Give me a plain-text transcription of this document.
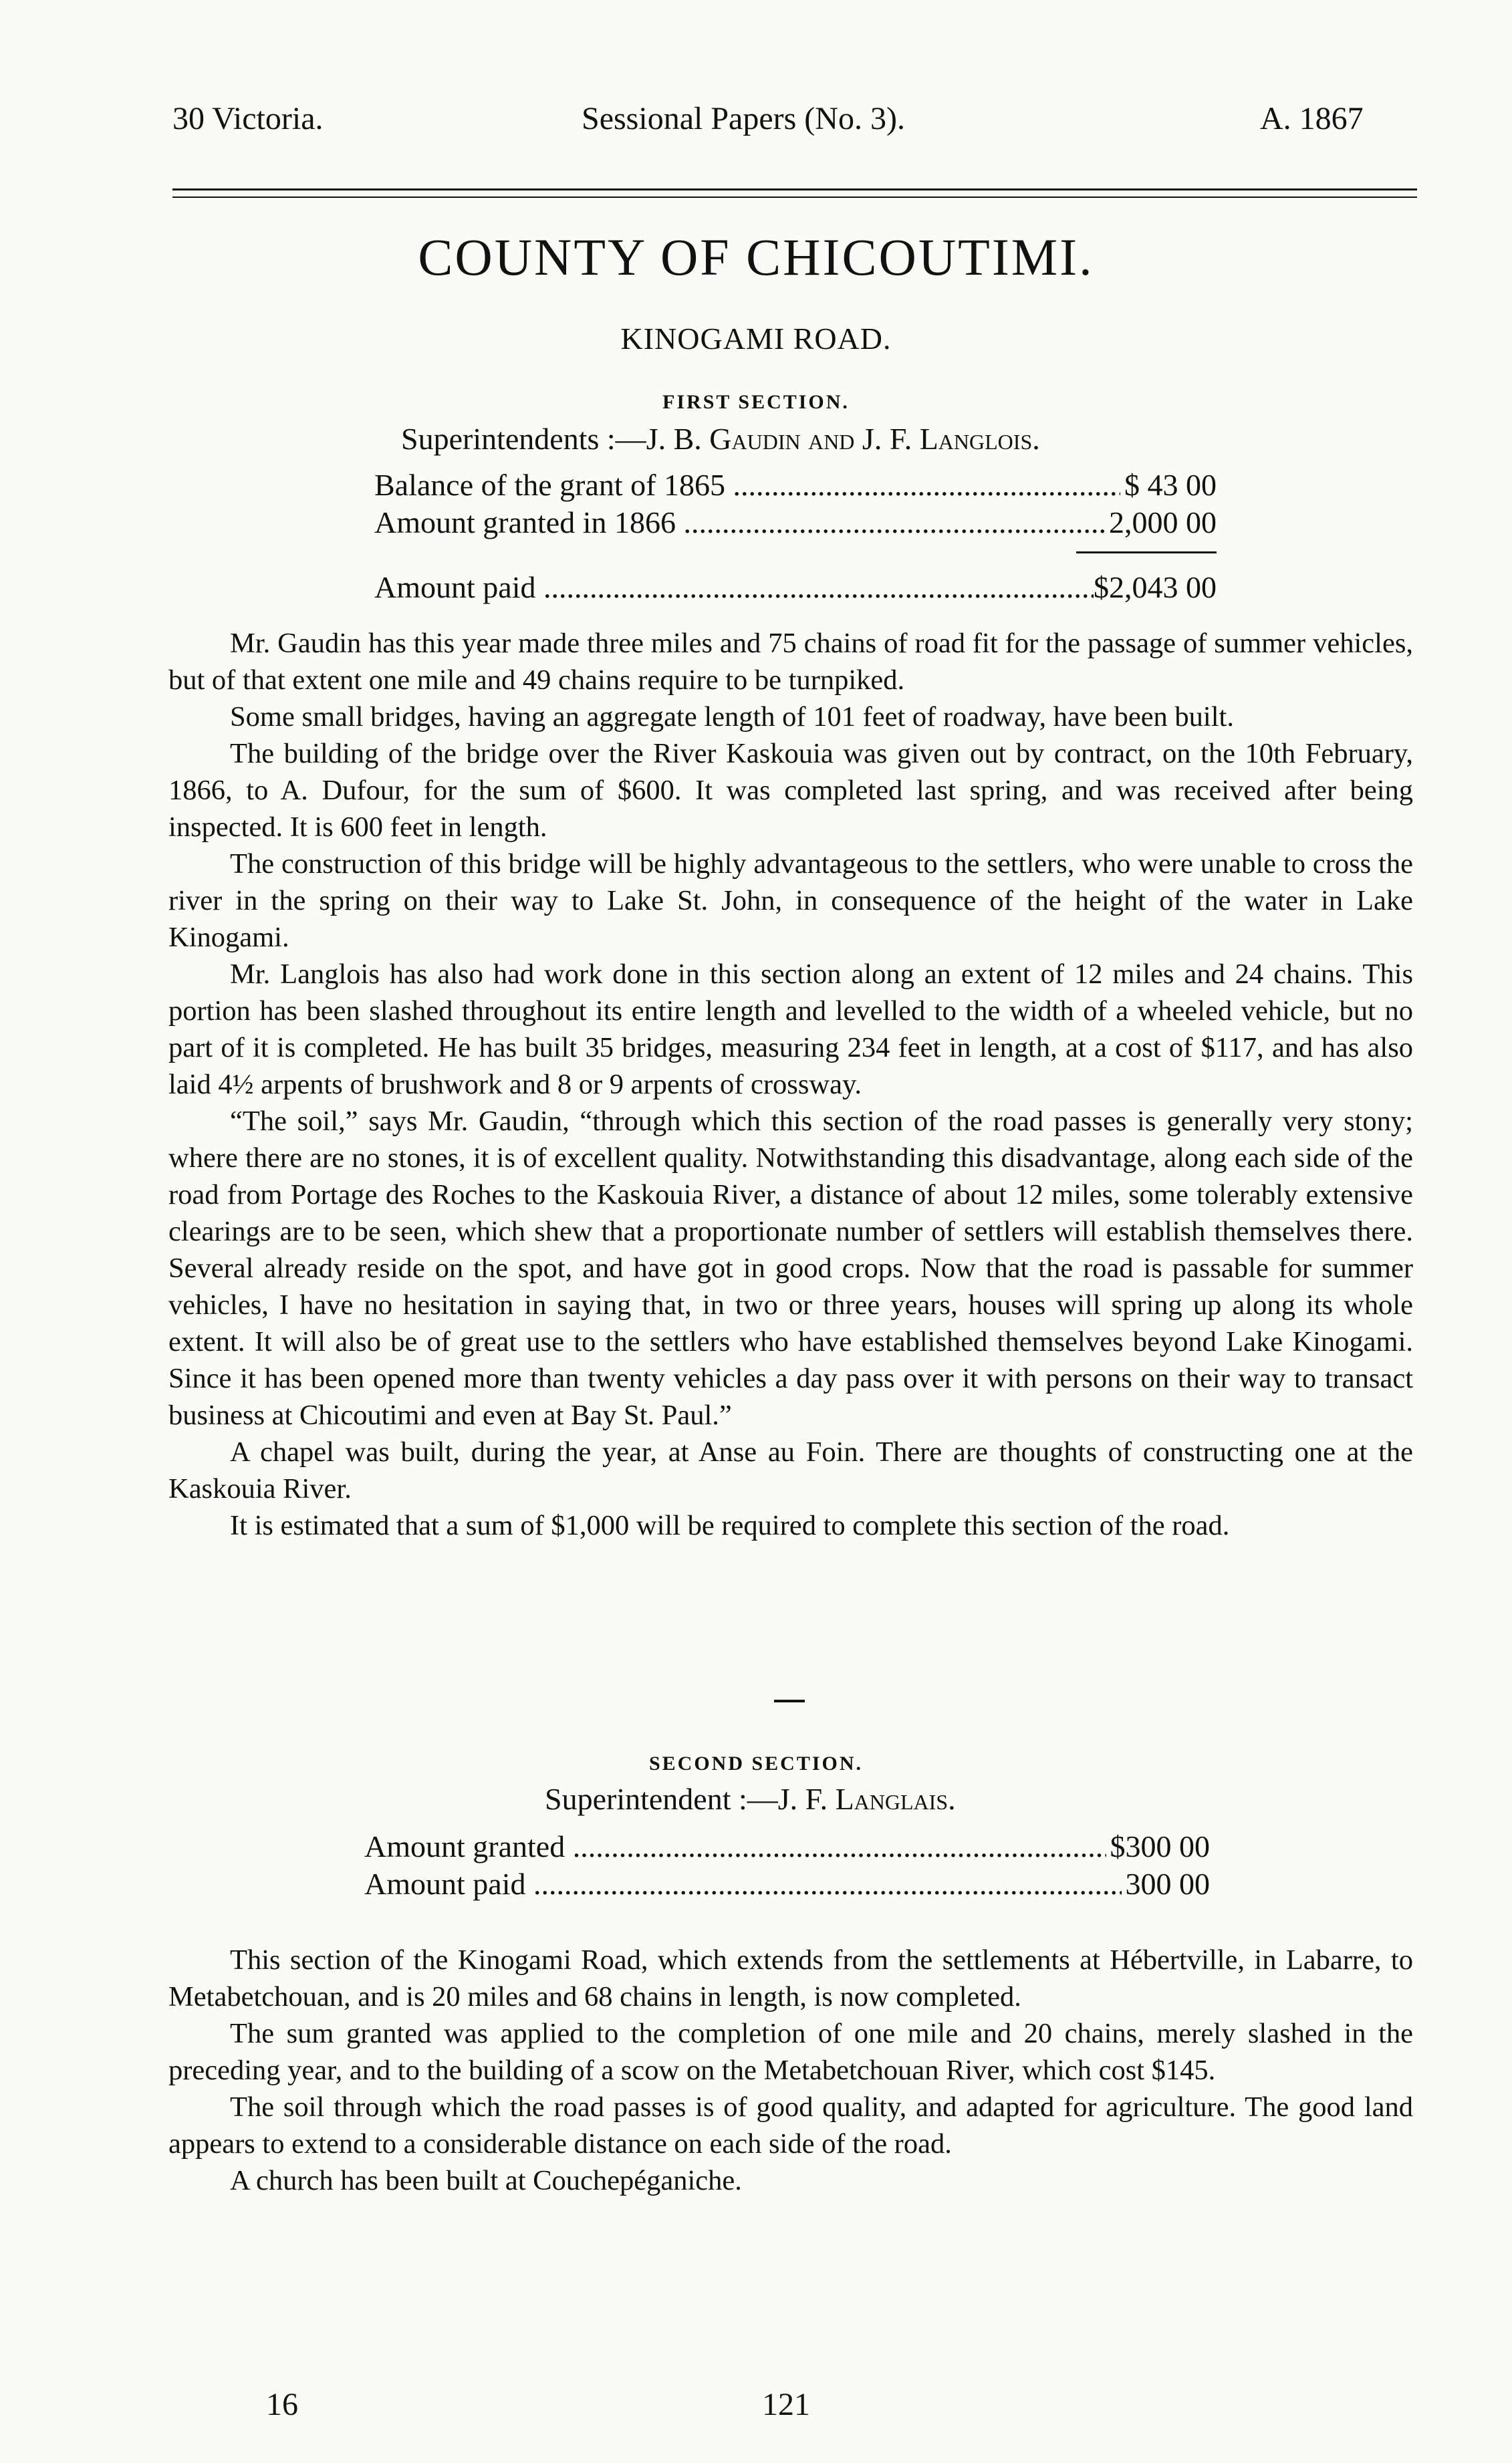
30 Victoria.	Sessional Papers (No. 3).	A. 1867
COUNTY OF CHICOUTIMI.
KINOGAMI ROAD.
FIRST SECTION.
Superintendents :—J. B. Gaudin and J. F. Langlois.
Balance of the grant of 1865 .....	$ 43 00
Amount granted in 1866 .....	2,000 00
Amount paid .....	$2,043 00

Mr. Gaudin has this year made three miles and 75 chains of road fit for the passage of summer vehicles, but of that extent one mile and 49 chains require to be turnpiked.

Some small bridges, having an aggregate length of 101 feet of roadway, have been built.

The building of the bridge over the River Kaskouia was given out by contract, on the 10th February, 1866, to A. Dufour, for the sum of $600. It was completed last spring, and was received after being inspected. It is 600 feet in length.

The construction of this bridge will be highly advantageous to the settlers, who were unable to cross the river in the spring on their way to Lake St. John, in consequence of the height of the water in Lake Kinogami.

Mr. Langlois has also had work done in this section along an extent of 12 miles and 24 chains. This portion has been slashed throughout its entire length and levelled to the width of a wheeled vehicle, but no part of it is completed. He has built 35 bridges, measuring 234 feet in length, at a cost of $117, and has also laid 4½ arpents of brushwork and 8 or 9 arpents of crossway.

“The soil,” says Mr. Gaudin, “through which this section of the road passes is generally very stony; where there are no stones, it is of excellent quality. Notwithstanding this disadvantage, along each side of the road from Portage des Roches to the Kaskouia River, a distance of about 12 miles, some tolerably extensive clearings are to be seen, which shew that a proportionate number of settlers will establish themselves there. Several already reside on the spot, and have got in good crops. Now that the road is passable for summer vehicles, I have no hesitation in saying that, in two or three years, houses will spring up along its whole extent. It will also be of great use to the settlers who have established themselves beyond Lake Kinogami. Since it has been opened more than twenty vehicles a day pass over it with persons on their way to transact business at Chicoutimi and even at Bay St. Paul.”

A chapel was built, during the year, at Anse au Foin. There are thoughts of constructing one at the Kaskouia River.

It is estimated that a sum of $1,000 will be required to complete this section of the road.

SECOND SECTION.
Superintendent :—J. F. Langlais.
Amount granted .....	$300 00
Amount paid .....	300 00

This section of the Kinogami Road, which extends from the settlements at Hébertville, in Labarre, to Metabetchouan, and is 20 miles and 68 chains in length, is now completed.

The sum granted was applied to the completion of one mile and 20 chains, merely slashed in the preceding year, and to the building of a scow on the Metabetchouan River, which cost $145.

The soil through which the road passes is of good quality, and adapted for agriculture. The good land appears to extend to a considerable distance on each side of the road.

A church has been built at Couchepéganiche.

16	121
